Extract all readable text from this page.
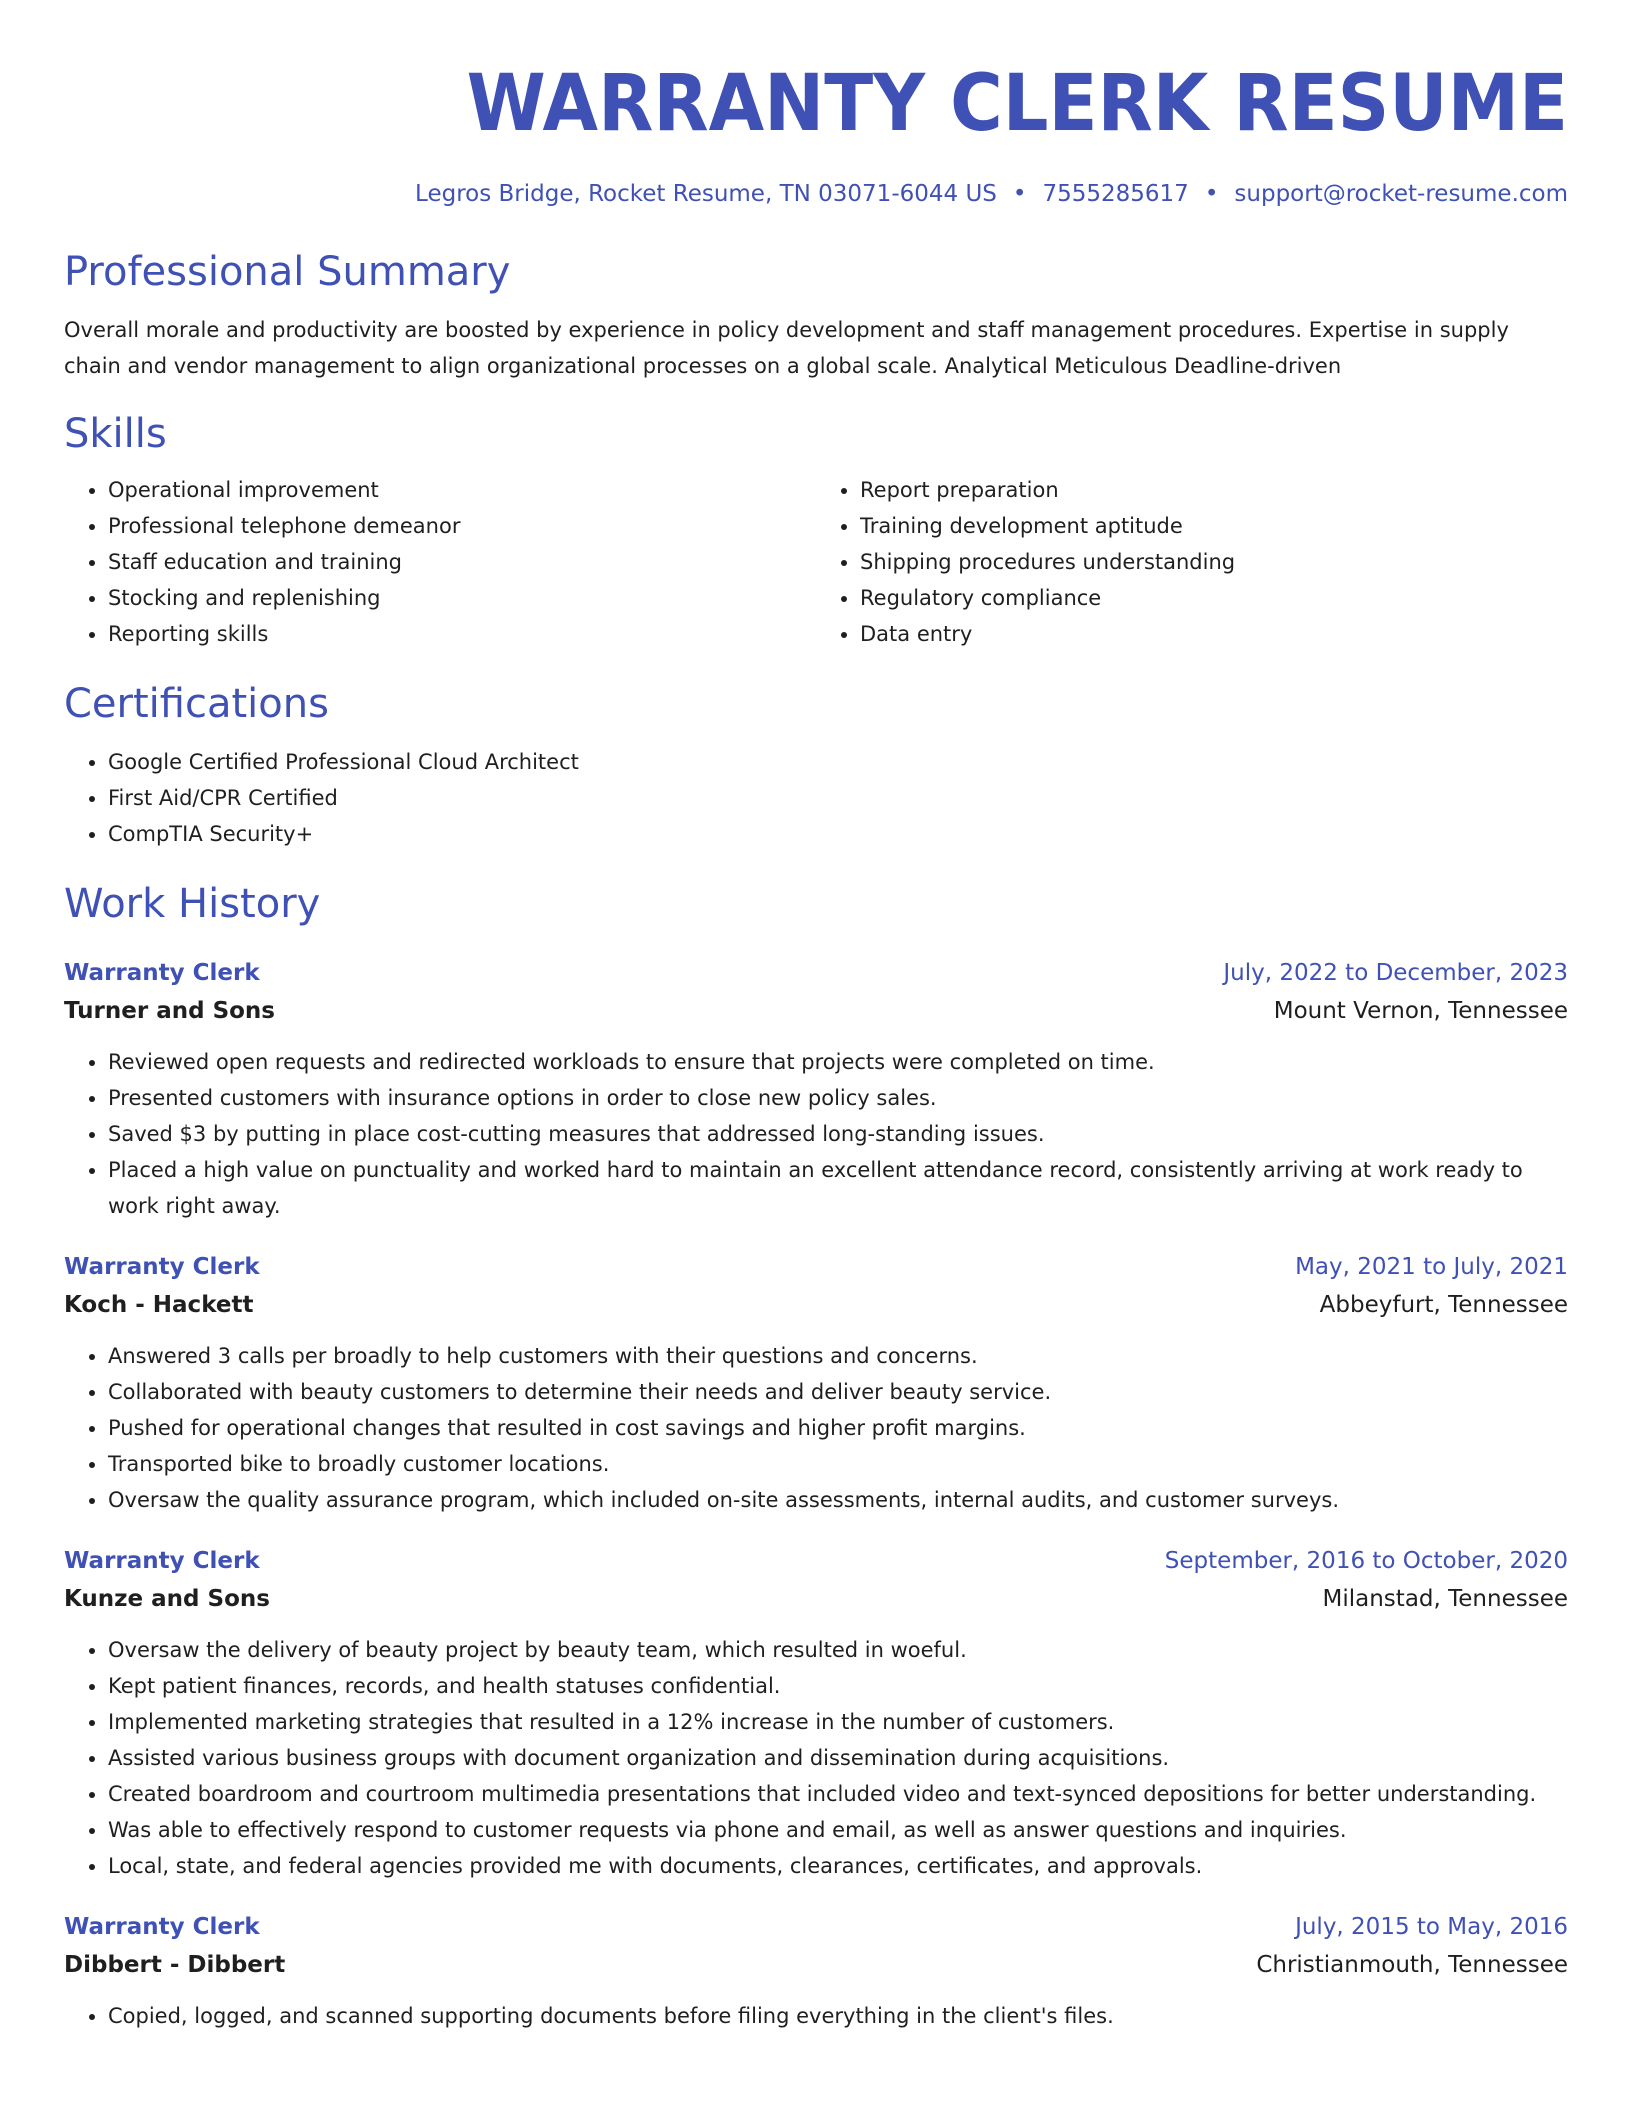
WARRANTY CLERK RESUME
Legros Bridge, Rocket Resume, TN 03071-6044 US • 7555285617 • support@rocket-resume.com
Professional Summary

Overall morale and productivity are boosted by experience in policy development and staff management procedures. Expertise in supply chain and vendor management to align organizational processes on a global scale. Analytical Meticulous Deadline-driven

Skills
• Operational improvement
• Professional telephone demeanor
• Staff education and training
• Stocking and replenishing
• Reporting skills
• Report preparation
• Training development aptitude
• Shipping procedures understanding
• Regulatory compliance
• Data entry
Certifications
• Google Certified Professional Cloud Architect
• First Aid/CPR Certified
• CompTIA Security+
Work History
Warranty Clerk	July, 2022 to December, 2023
Turner and Sons	Mount Vernon, Tennessee
• Reviewed open requests and redirected workloads to ensure that projects were completed on time.
• Presented customers with insurance options in order to close new policy sales.
• Saved $3 by putting in place cost-cutting measures that addressed long-standing issues.
• Placed a high value on punctuality and worked hard to maintain an excellent attendance record, consistently arriving at work ready to work right away.
Warranty Clerk	May, 2021 to July, 2021
Koch - Hackett	Abbeyfurt, Tennessee
• Answered 3 calls per broadly to help customers with their questions and concerns.
• Collaborated with beauty customers to determine their needs and deliver beauty service.
• Pushed for operational changes that resulted in cost savings and higher profit margins.
• Transported bike to broadly customer locations.
• Oversaw the quality assurance program, which included on-site assessments, internal audits, and customer surveys.
Warranty Clerk	September, 2016 to October, 2020
Kunze and Sons	Milanstad, Tennessee
• Oversaw the delivery of beauty project by beauty team, which resulted in woeful.
• Kept patient finances, records, and health statuses confidential.
• Implemented marketing strategies that resulted in a 12% increase in the number of customers.
• Assisted various business groups with document organization and dissemination during acquisitions.
• Created boardroom and courtroom multimedia presentations that included video and text-synced depositions for better understanding.
• Was able to effectively respond to customer requests via phone and email, as well as answer questions and inquiries.
• Local, state, and federal agencies provided me with documents, clearances, certificates, and approvals.
Warranty Clerk	July, 2015 to May, 2016
Dibbert - Dibbert	Christianmouth, Tennessee
• Copied, logged, and scanned supporting documents before filing everything in the client's files.
